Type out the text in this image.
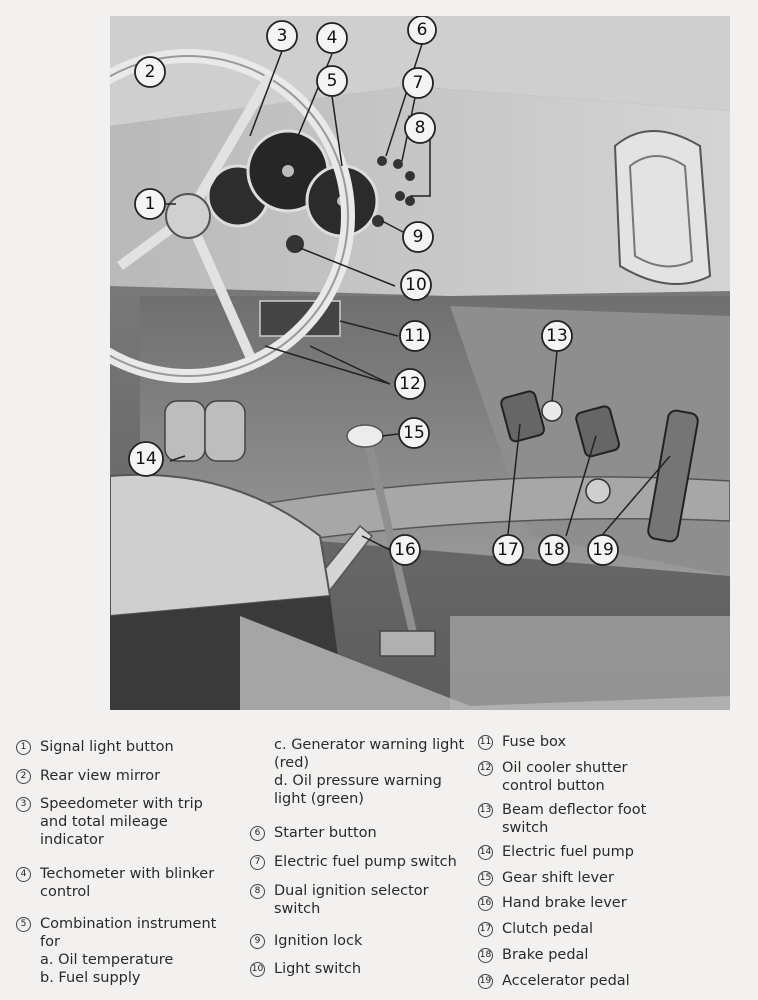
1
2
3 4
5
6
7
8
9
10
11
12
13
14
15
16	17 18 19
1 Signal light button
2 Rear view mirror
3 Speedometer with trip and total mileage indicator
4 Techometer with blinker control
5 Combination instrument for
a. Oil temperature
b. Fuel supply
c. Generator warning light (red)
d. Oil pressure warning light (green)
6 Starter button
7 Electric fuel pump switch
8 Dual ignition selector switch
9 Ignition lock
10 Light switch
11 Fuse box
12 Oil cooler shutter control button
13 Beam deflector foot switch
14 Electric fuel pump
15 Gear shift lever
16 Hand brake lever
17 Clutch pedal
18 Brake pedal
19 Accelerator pedal
